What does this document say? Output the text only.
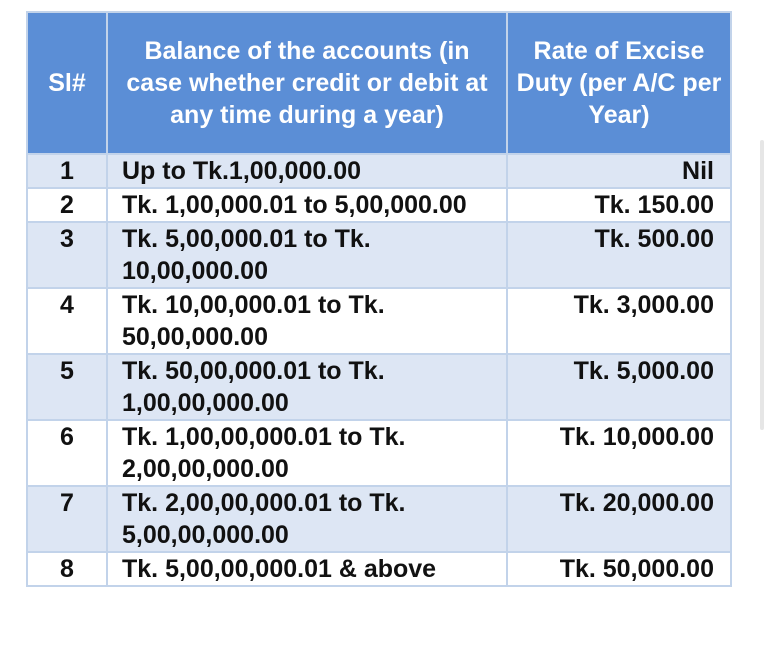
Sl#	Balance of the accounts (in case whether credit or debit at any time during a year)	Rate of Excise Duty (per A/C per Year)

1	Up to Tk.1,00,000.00	Nil
2	Tk. 1,00,000.01 to 5,00,000.00	Tk. 150.00
3	Tk. 5,00,000.01 to Tk. 10,00,000.00	Tk. 500.00
4	Tk. 10,00,000.01 to Tk. 50,00,000.00	Tk. 3,000.00
5	Tk. 50,00,000.01 to Tk. 1,00,00,000.00	Tk. 5,000.00
6	Tk. 1,00,00,000.01 to Tk. 2,00,00,000.00	Tk. 10,000.00
7	Tk. 2,00,00,000.01 to Tk. 5,00,00,000.00	Tk. 20,000.00
8	Tk. 5,00,00,000.01 & above	Tk. 50,000.00
